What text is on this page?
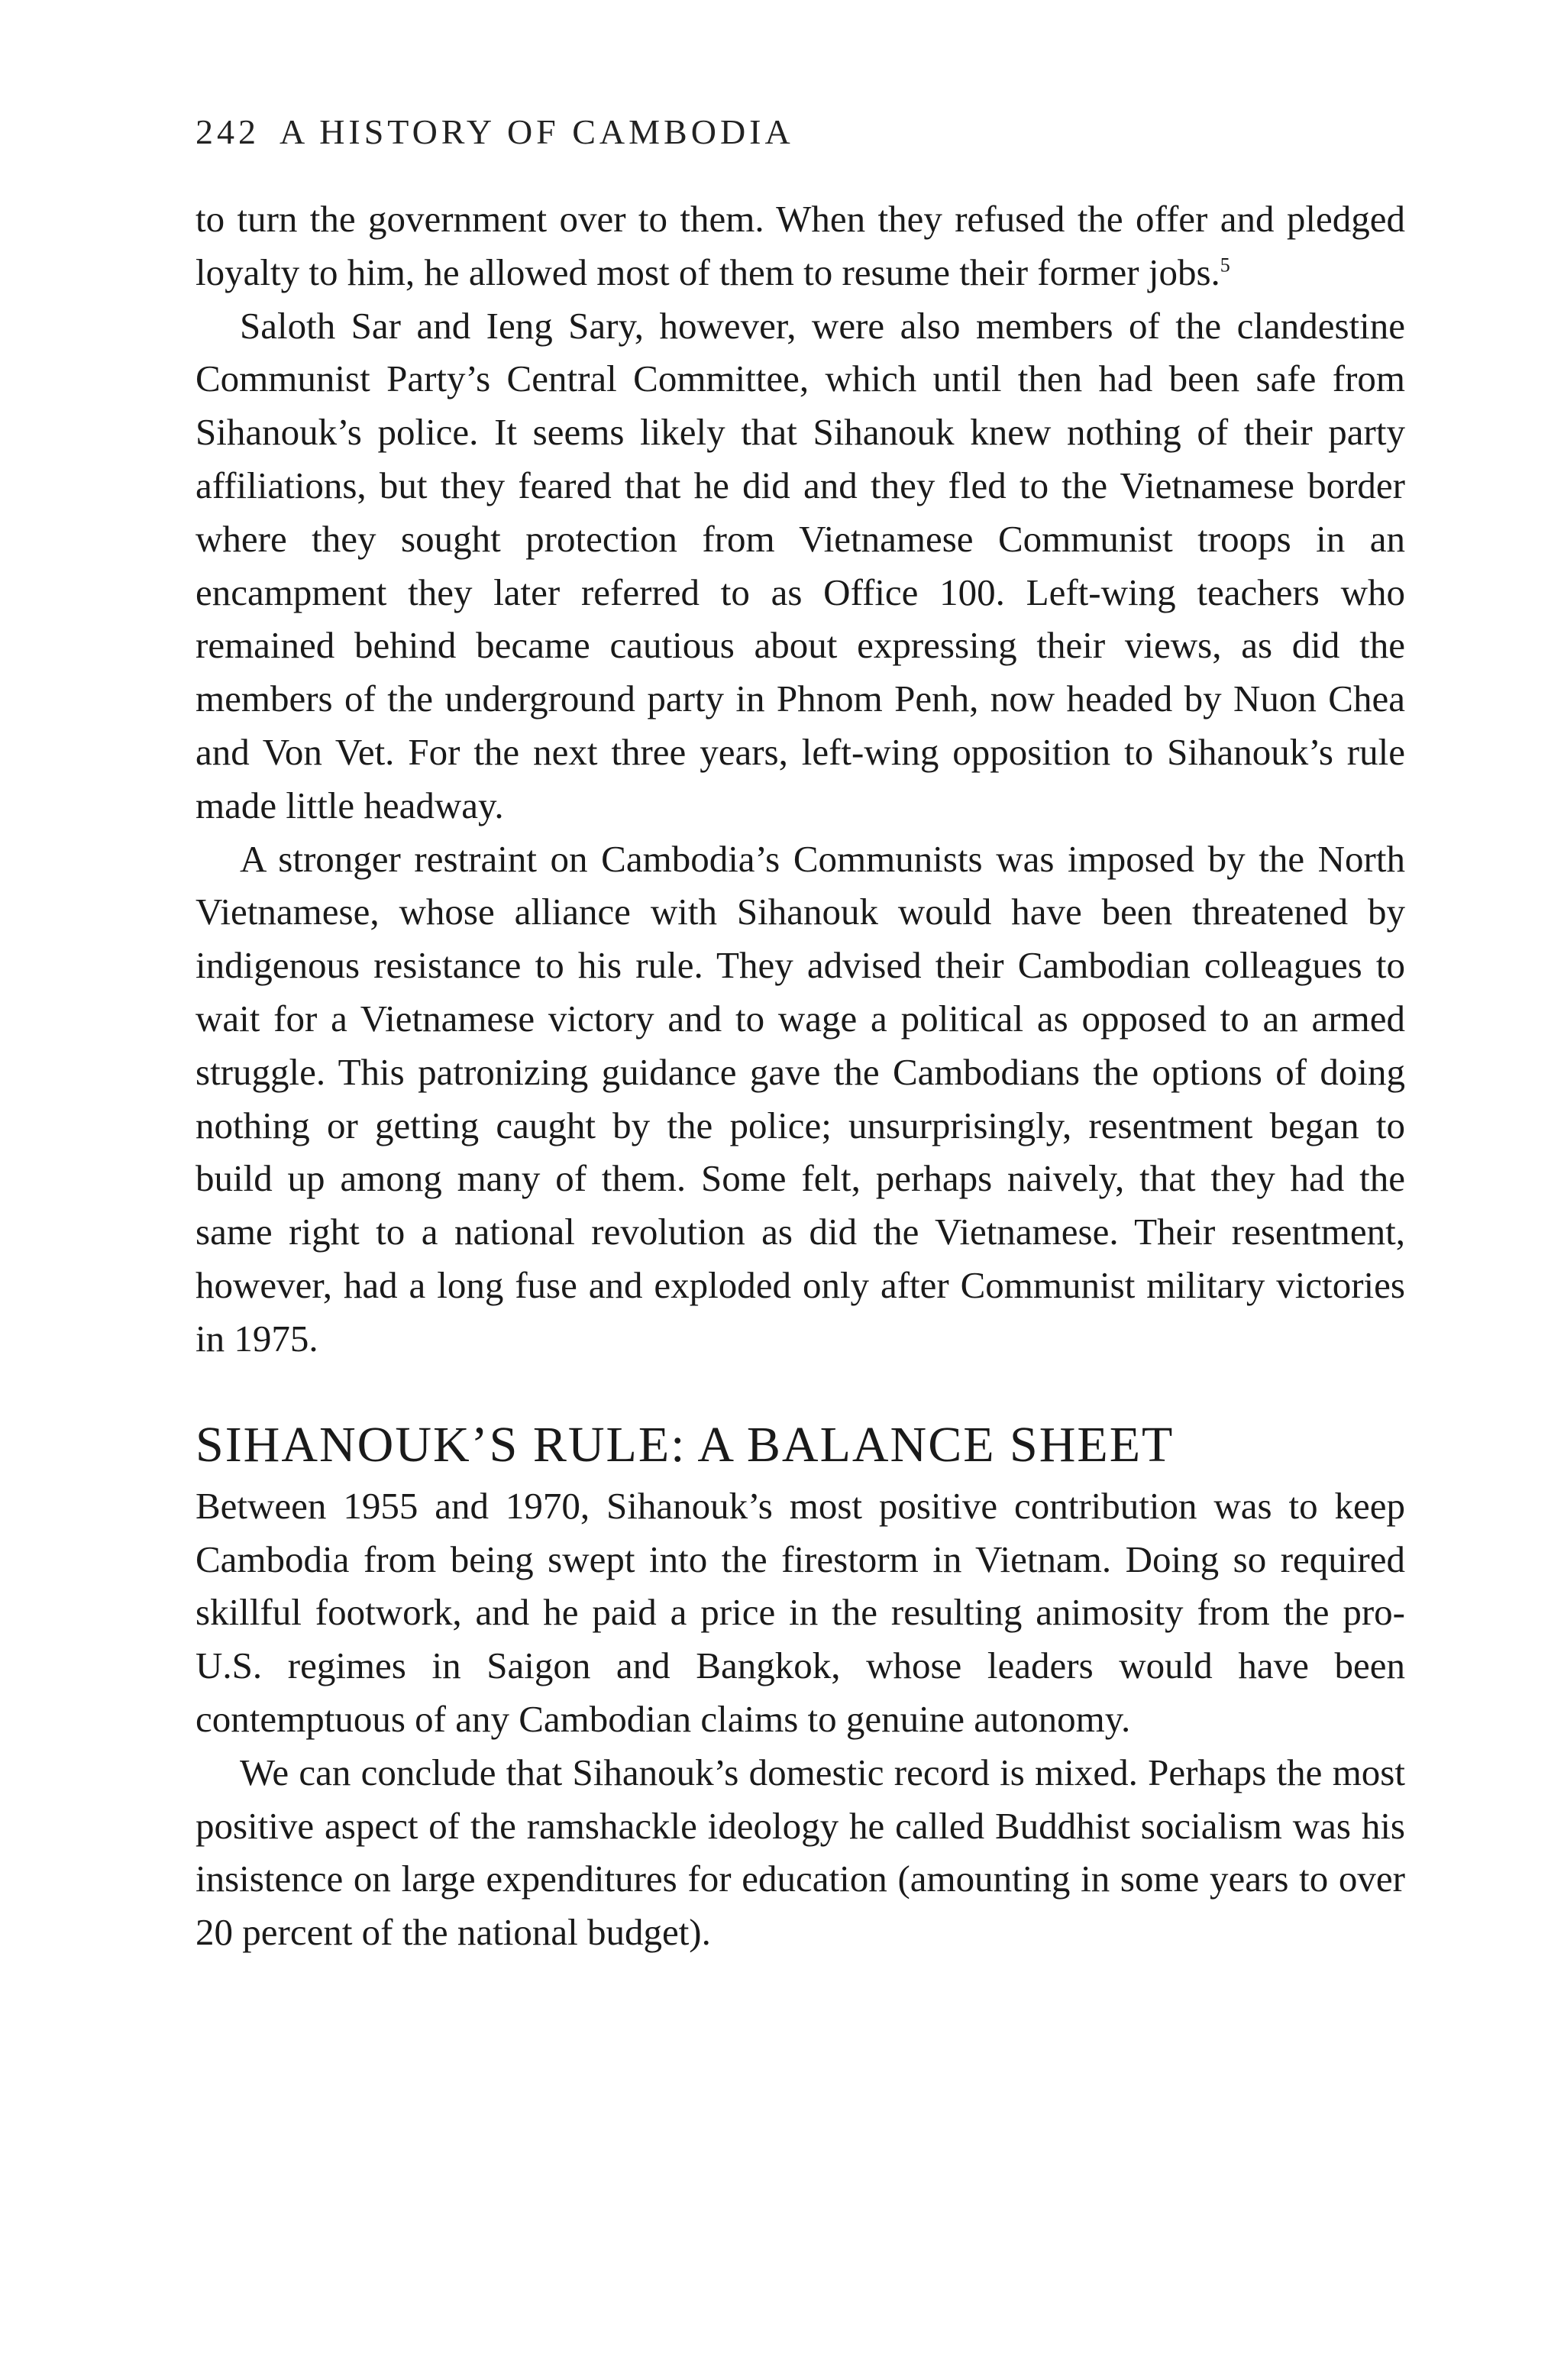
242 A HISTORY OF CAMBODIA

to turn the government over to them. When they refused the offer and pledged loyalty to him, he allowed most of them to resume their former jobs.$^5$

Saloth Sar and Ieng Sary, however, were also members of the clandestine Communist Party’s Central Committee, which until then had been safe from Sihanouk’s police. It seems likely that Sihanouk knew nothing of their party affiliations, but they feared that he did and they fled to the Vietnamese border where they sought protection from Vietnamese Communist troops in an encampment they later referred to as Office 100. Left-wing teachers who remained behind became cautious about expressing their views, as did the members of the underground party in Phnom Penh, now headed by Nuon Chea and Von Vet. For the next three years, left-wing opposition to Sihanouk’s rule made little headway.

A stronger restraint on Cambodia’s Communists was imposed by the North Vietnamese, whose alliance with Sihanouk would have been threatened by indigenous resistance to his rule. They advised their Cambodian colleagues to wait for a Vietnamese victory and to wage a political as opposed to an armed struggle. This patronizing guidance gave the Cambodians the options of doing nothing or getting caught by the police; unsurprisingly, resentment began to build up among many of them. Some felt, perhaps naively, that they had the same right to a national revolution as did the Vietnamese. Their resentment, however, had a long fuse and exploded only after Communist military victories in 1975.

SIHANOUK’S RULE: A BALANCE SHEET

Between 1955 and 1970, Sihanouk’s most positive contribution was to keep Cambodia from being swept into the firestorm in Vietnam. Doing so required skillful footwork, and he paid a price in the resulting animosity from the pro-U.S. regimes in Saigon and Bangkok, whose leaders would have been contemptuous of any Cambodian claims to genuine autonomy.

We can conclude that Sihanouk’s domestic record is mixed. Perhaps the most positive aspect of the ramshackle ideology he called Buddhist socialism was his insistence on large expenditures for education (amounting in some years to over 20 percent of the national budget).
